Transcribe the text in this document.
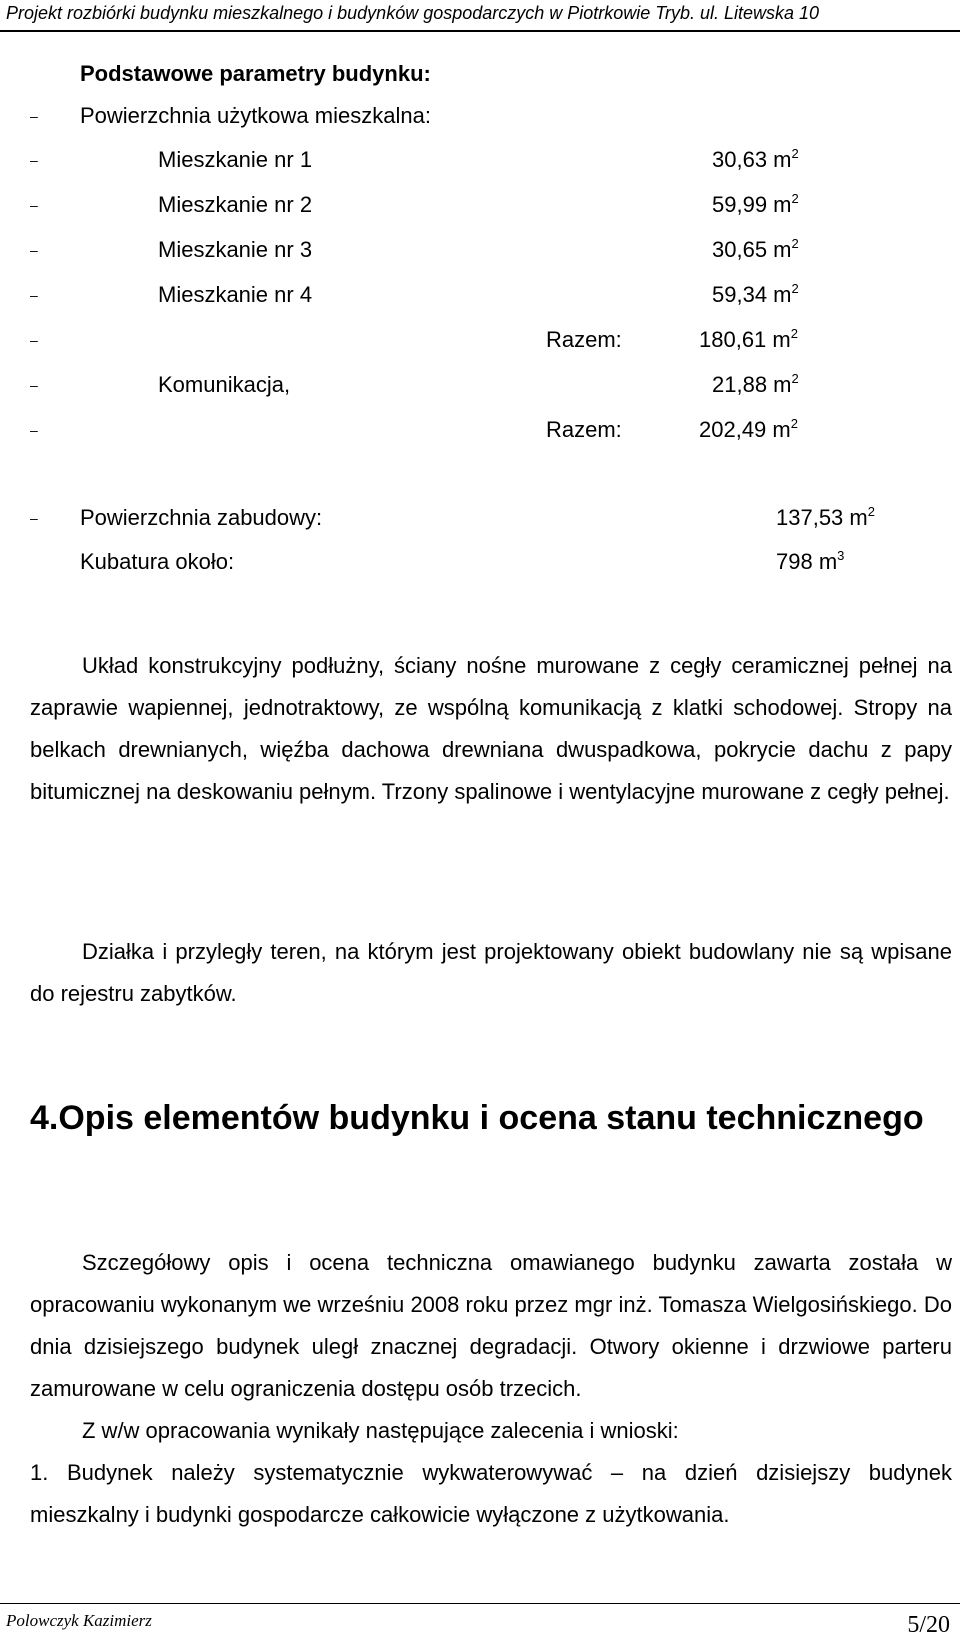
Projekt rozbiórki budynku mieszkalnego i budynków gospodarczych w Piotrkowie Tryb. ul. Litewska 10
Podstawowe parametry budynku:
– Powierzchnia użytkowa mieszkalna:
–	Mieszkanie nr 1	30,63 $m^2$
–	Mieszkanie nr 2	59,99 $m^2$
–	Mieszkanie nr 3	30,65 $m^2$
–	Mieszkanie nr 4	59,34 $m^2$
–	Razem:	180,61 $m^2$
–	Komunikacja,	21,88 $m^2$
–	Razem:	202,49 $m^2$
– Powierzchnia zabudowy:	137,53 $m^2$
Kubatura około:	798 $m^3$

Układ konstrukcyjny podłużny, ściany nośne murowane z cegły ceramicznej pełnej na zaprawie wapiennej, jednotraktowy, ze wspólną komunikacją z klatki schodowej. Stropy na belkach drewnianych, więźba dachowa drewniana dwuspadkowa, pokrycie dachu z papy bitumicznej na deskowaniu pełnym. Trzony spalinowe i wentylacyjne murowane z cegły pełnej.

Działka i przyległy teren, na którym jest projektowany obiekt budowlany nie są wpisane do rejestru zabytków.

4.Opis elementów budynku i ocena stanu technicznego

Szczegółowy opis i ocena techniczna omawianego budynku zawarta została w opracowaniu wykonanym we wrześniu 2008 roku przez mgr inż. Tomasza Wielgosińskiego. Do dnia dzisiejszego budynek uległ znacznej degradacji. Otwory okienne i drzwiowe parteru zamurowane w celu ograniczenia dostępu osób trzecich.

Z w/w opracowania wynikały następujące zalecenia i wnioski:

1. Budynek należy systematycznie wykwaterowywać – na dzień dzisiejszy budynek mieszkalny i budynki gospodarcze całkowicie wyłączone z użytkowania.

Polowczyk Kazimierz	5/20
